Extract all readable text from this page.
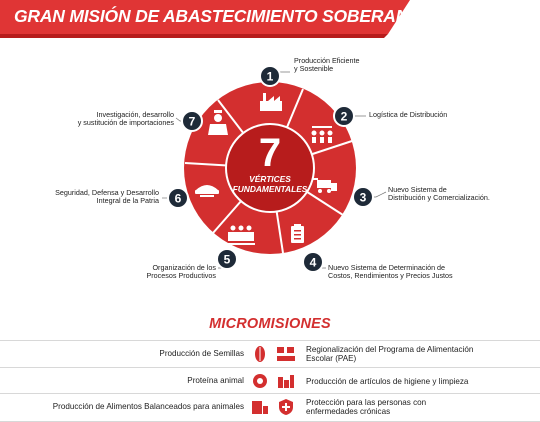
GRAN MISIÓN DE ABASTECIMIENTO SOBERANO
1
2
3
4
5
6
7
7
VÉRTICES
FUNDAMENTALES
Producción Eficiente
y Sostenible
Logística de Distribución
Nuevo Sistema de
Distribución y Comercialización.
Nuevo Sistema de Determinación de
Costos, Rendimientos y Precios Justos
Organización de los
Procesos Productivos
Seguridad, Defensa y Desarrollo
Integral de la Patria
Investigación, desarrollo
y sustitución de importaciones
MICROMISIONES
Producción de Semillas	Regionalización del Programa de Alimentación
Escolar (PAE)
Proteína animal	Producción de artículos de higiene y limpieza
Producción de Alimentos Balanceados para animales	Protección para las personas con
enfermedades crónicas
